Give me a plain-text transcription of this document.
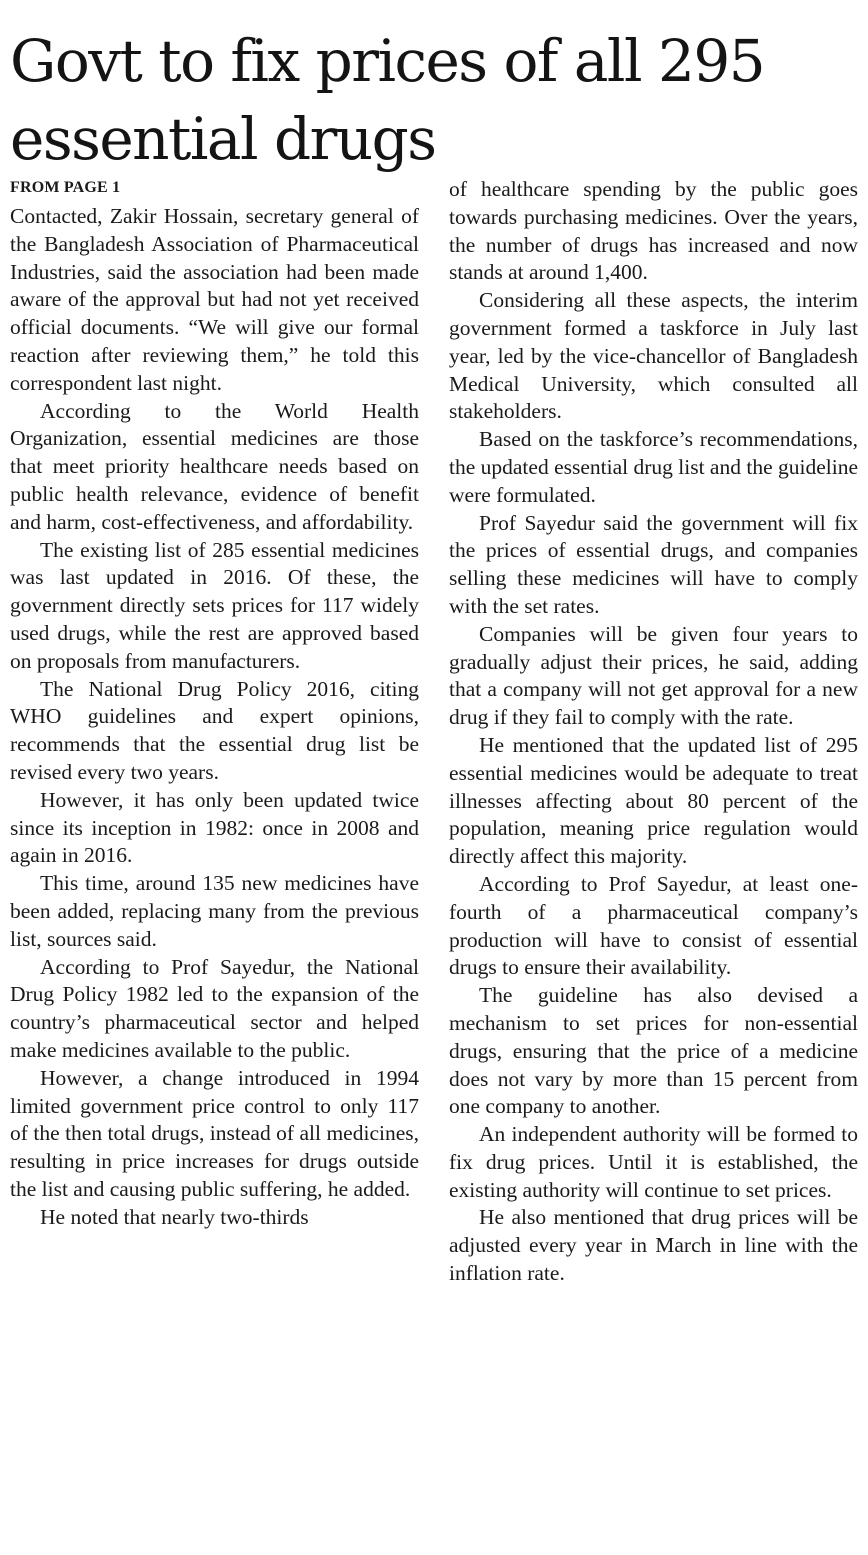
Govt to fix prices of all 295 essential drugs
FROM PAGE 1

Contacted, Zakir Hossain, secretary general of the Bangladesh Association of Pharmaceutical Industries, said the association had been made aware of the approval but had not yet received official documents. “We will give our formal reaction after reviewing them,” he told this correspondent last night.

According to the World Health Organization, essential medicines are those that meet priority healthcare needs based on public health relevance, evidence of benefit and harm, cost-effectiveness, and affordability.

The existing list of 285 essential medicines was last updated in 2016. Of these, the government directly sets prices for 117 widely used drugs, while the rest are approved based on proposals from manufacturers.

The National Drug Policy 2016, citing WHO guidelines and expert opinions, recommends that the essential drug list be revised every two years.

However, it has only been updated twice since its inception in 1982: once in 2008 and again in 2016.

This time, around 135 new medicines have been added, replacing many from the previous list, sources said.

According to Prof Sayedur, the National Drug Policy 1982 led to the expansion of the country’s pharmaceutical sector and helped make medicines available to the public.

However, a change introduced in 1994 limited government price control to only 117 of the then total drugs, instead of all medicines, resulting in price increases for drugs outside the list and causing public suffering, he added.

He noted that nearly two-thirds

of healthcare spending by the public goes towards purchasing medicines. Over the years, the number of drugs has increased and now stands at around 1,400.

Considering all these aspects, the interim government formed a taskforce in July last year, led by the vice-chancellor of Bangladesh Medical University, which consulted all stakeholders.

Based on the taskforce’s recommendations, the updated essential drug list and the guideline were formulated.

Prof Sayedur said the government will fix the prices of essential drugs, and companies selling these medicines will have to comply with the set rates.

Companies will be given four years to gradually adjust their prices, he said, adding that a company will not get approval for a new drug if they fail to comply with the rate.

He mentioned that the updated list of 295 essential medicines would be adequate to treat illnesses affecting about 80 percent of the population, meaning price regulation would directly affect this majority.

According to Prof Sayedur, at least one-fourth of a pharmaceutical company’s production will have to consist of essential drugs to ensure their availability.

The guideline has also devised a mechanism to set prices for non-essential drugs, ensuring that the price of a medicine does not vary by more than 15 percent from one company to another.

An independent authority will be formed to fix drug prices. Until it is established, the existing authority will continue to set prices.

He also mentioned that drug prices will be adjusted every year in March in line with the inflation rate.
